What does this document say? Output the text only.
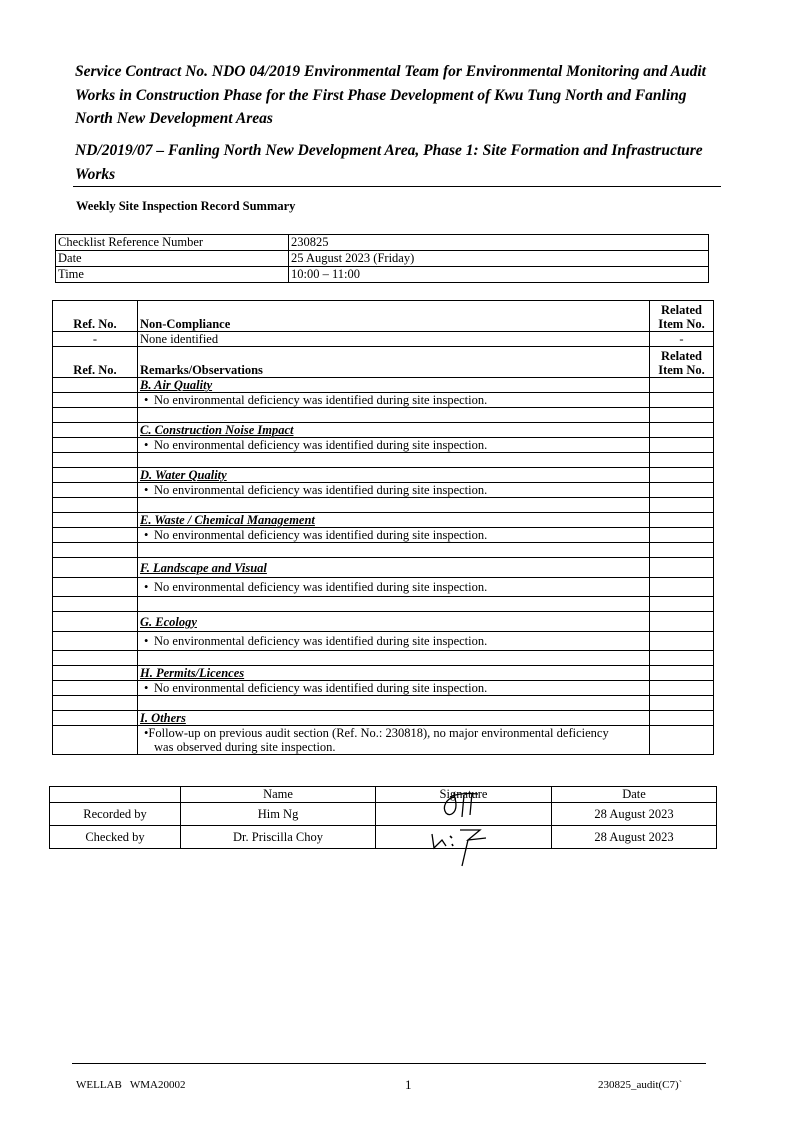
Service Contract No. NDO 04/2019 Environmental Team for Environmental Monitoring and Audit Works in Construction Phase for the First Phase Development of Kwu Tung North and Fanling North New Development Areas
ND/2019/07 – Fanling North New Development Area, Phase 1: Site Formation and Infrastructure Works
Weekly Site Inspection Record Summary
Checklist Reference Number	230825
Date	25 August 2023 (Friday)
Time	10:00 – 11:00
Ref. No.	Non-Compliance	Related Item No.
-	None identified	-
Ref. No.	Remarks/Observations	Related Item No.
	B. Air Quality	
	• No environmental deficiency was identified during site inspection.	

	C. Construction Noise Impact	
	• No environmental deficiency was identified during site inspection.	

	D. Water Quality	
	• No environmental deficiency was identified during site inspection.	

	E. Waste / Chemical Management	
	• No environmental deficiency was identified during site inspection.	

	F. Landscape and Visual	
	• No environmental deficiency was identified during site inspection.	

	G. Ecology	
	• No environmental deficiency was identified during site inspection.	

	H. Permits/Licences	
	• No environmental deficiency was identified during site inspection.	

	I. Others	
	•Follow-up on previous audit section (Ref. No.: 230818), no major environmental deficiency
was observed during site inspection.	

	Name	Signature	Date
Recorded by	Him Ng		28 August 2023
Checked by	Dr. Priscilla Choy		28 August 2023
WELLAB   WMA20002	1	230825_audit(C7)`
